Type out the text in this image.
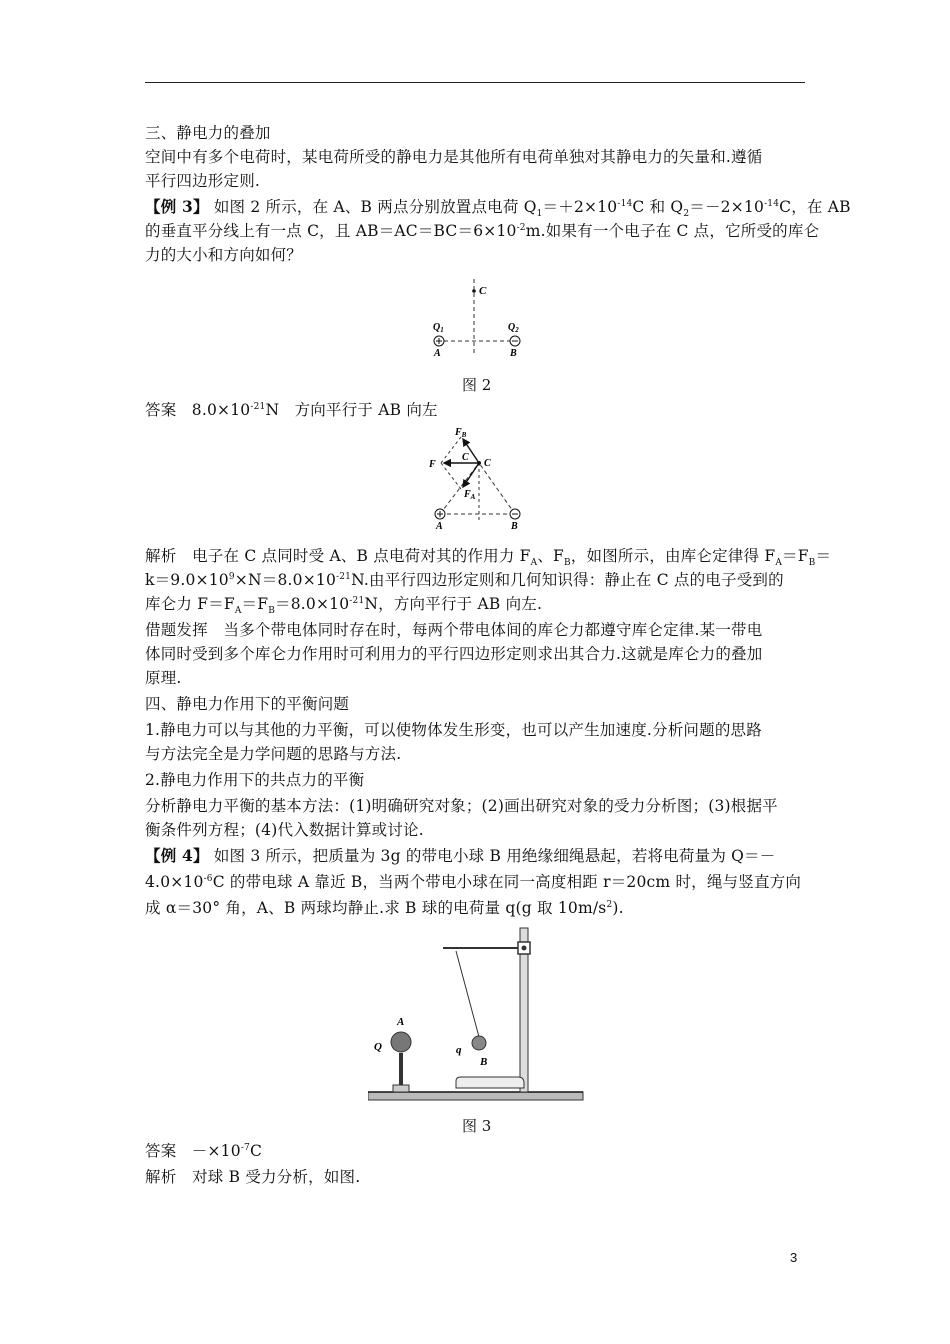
三、静电力的叠加
空间中有多个电荷时，某电荷所受的静电力是其他所有电荷单独对其静电力的矢量和.遵循
平行四边形定则.
【例 3】 如图 2 所示，在 A、B 两点分别放置点电荷 $Q_1=+2\times 10^{-14}C$ 和 $Q_2=-2\times 10^{-14}C$，在 AB
的垂直平分线上有一点 C，且 $AB=AC=BC=6\times 10^{-2}m$.如果有一个电子在 C 点，它所受的库仑
力的大小和方向如何？
C
$Q_1$	$Q_2$
A	B
图 2
答案 $8.0\times 10^{-21}N$ 方向平行于 AB 向左
$F_B$
F
C
C
$F_A$
A	B
解析　电子在 C 点同时受 A、B 点电荷对其的作用力 $F_A$、$F_B$，如图所示，由库仑定律得 $F_A=F_B=$
$k=9.0\times 10^9\times N=8.0\times 10^{-21}N$.由平行四边形定则和几何知识得：静止在 C 点的电子受到的
库仑力 $F=F_A=F_B=8.0\times 10^{-21}N$，方向平行于 AB 向左.
借题发挥　当多个带电体同时存在时，每两个带电体间的库仑力都遵守库仑定律.某一带电
体同时受到多个库仑力作用时可利用力的平行四边形定则求出其合力.这就是库仑力的叠加
原理.
四、静电力作用下的平衡问题
1.静电力可以与其他的力平衡，可以使物体发生形变，也可以产生加速度.分析问题的思路
与方法完全是力学问题的思路与方法.
2.静电力作用下的共点力的平衡
分析静电力平衡的基本方法：(1)明确研究对象；(2)画出研究对象的受力分析图；(3)根据平
衡条件列方程；(4)代入数据计算或讨论.
【例 4】 如图 3 所示，把质量为 3g 的带电小球 B 用绝缘细绳悬起，若将电荷量为 Q＝－
$4.0\times 10^{-6}C$ 的带电球 A 靠近 B，当两个带电小球在同一高度相距 r＝20cm 时，绳与竖直方向
成 α＝30° 角，A、B 两球均静止.求 B 球的电荷量 q(g 取 $10m/s^2$).
A
Q	q
B
图 3
答案 $-\times 10^{-7}C$
解析　对球 B 受力分析，如图.
3
